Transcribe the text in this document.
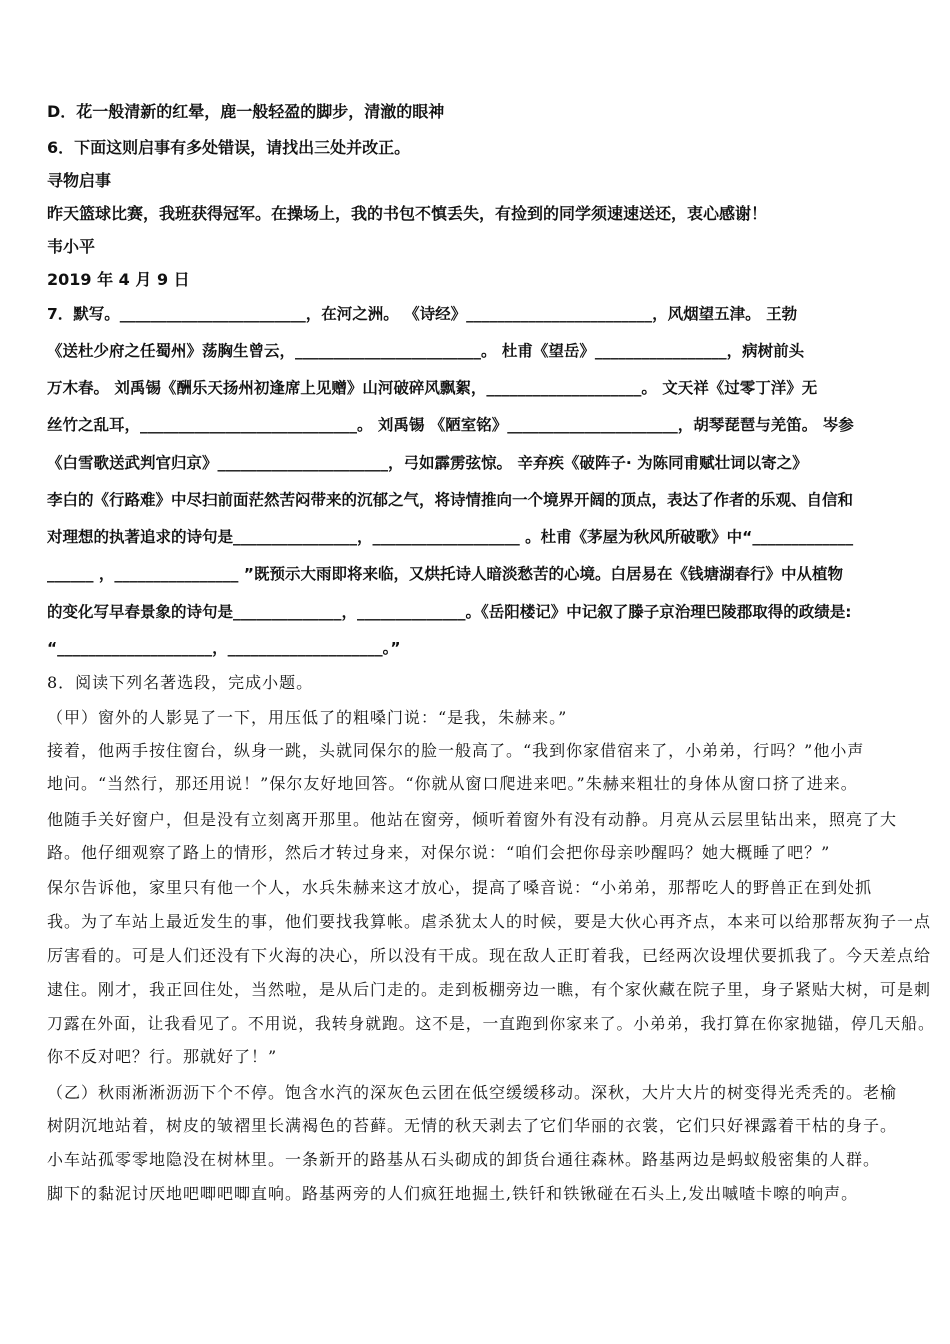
D．花一般清新的红晕，鹿一般轻盈的脚步，清澈的眼神
6．下面这则启事有多处错误，请找出三处并改正。
寻物启事
昨天篮球比赛，我班获得冠军。在操场上，我的书包不慎丢失，有捡到的同学须速速送还，衷心感谢！
韦小平
2019 年 4 月 9 日
7．默写。________________________，在河之洲。 《诗经》________________________，风烟望五津。 王勃
《送杜少府之任蜀州》荡胸生曾云，________________________。 杜甫《望岳》_________________，病树前头
万木春。 刘禹锡《酬乐天扬州初逢席上见赠》山河破碎风飘絮，____________________。 文天祥《过零丁洋》无
丝竹之乱耳，____________________________。 刘禹锡 《陋室铭》______________________，胡琴琵琶与羌笛。 岑参
《白雪歌送武判官归京》______________________，弓如霹雳弦惊。 辛弃疾《破阵子· 为陈同甫赋壮词以寄之》
李白的《行路难》中尽扫前面茫然苦闷带来的沉郁之气，将诗情推向一个境界开阔的顶点，表达了作者的乐观、自信和
对理想的执著追求的诗句是________________，___________________ 。杜甫《茅屋为秋风所破歌》中“_____________
______ ，________________ ”既预示大雨即将来临，又烘托诗人暗淡愁苦的心境。白居易在《钱塘湖春行》中从植物
的变化写早春景象的诗句是______________，______________。《岳阳楼记》中记叙了滕子京治理巴陵郡取得的政绩是:
“____________________，____________________。”
8．阅读下列名著选段，完成小题。
（甲）窗外的人影晃了一下，用压低了的粗嗓门说：“是我，朱赫来。”
接着，他两手按住窗台，纵身一跳，头就同保尔的脸一般高了。“我到你家借宿来了，小弟弟，行吗？”他小声
地问。“当然行，那还用说！”保尔友好地回答。“你就从窗口爬进来吧。”朱赫来粗壮的身体从窗口挤了进来。
他随手关好窗户，但是没有立刻离开那里。他站在窗旁，倾听着窗外有没有动静。月亮从云层里钻出来，照亮了大
路。他仔细观察了路上的情形，然后才转过身来，对保尔说：“咱们会把你母亲吵醒吗？她大概睡了吧？”
保尔告诉他，家里只有他一个人，水兵朱赫来这才放心，提高了嗓音说：“小弟弟，那帮吃人的野兽正在到处抓
我。为了车站上最近发生的事，他们要找我算帐。虐杀犹太人的时候，要是大伙心再齐点，本来可以给那帮灰狗子一点
厉害看的。可是人们还没有下火海的决心，所以没有干成。现在敌人正盯着我，已经两次设埋伏要抓我了。今天差点给
逮住。刚才，我正回住处，当然啦，是从后门走的。走到板棚旁边一瞧，有个家伙藏在院子里，身子紧贴大树，可是刺
刀露在外面，让我看见了。不用说，我转身就跑。这不是，一直跑到你家来了。小弟弟，我打算在你家抛锚，停几天船。
你不反对吧？行。那就好了！”
（乙）秋雨淅淅沥沥下个不停。饱含水汽的深灰色云团在低空缓缓移动。深秋，大片大片的树变得光秃秃的。老榆
树阴沉地站着，树皮的皱褶里长满褐色的苔藓。无情的秋天剥去了它们华丽的衣裳，它们只好裸露着干枯的身子。
小车站孤零零地隐没在树林里。一条新开的路基从石头砌成的卸货台通往森林。路基两边是蚂蚁般密集的人群。
脚下的黏泥讨厌地吧唧吧唧直响。路基两旁的人们疯狂地掘土,铁钎和铁锹碰在石头上,发出嘁喳卡嚓的响声。
